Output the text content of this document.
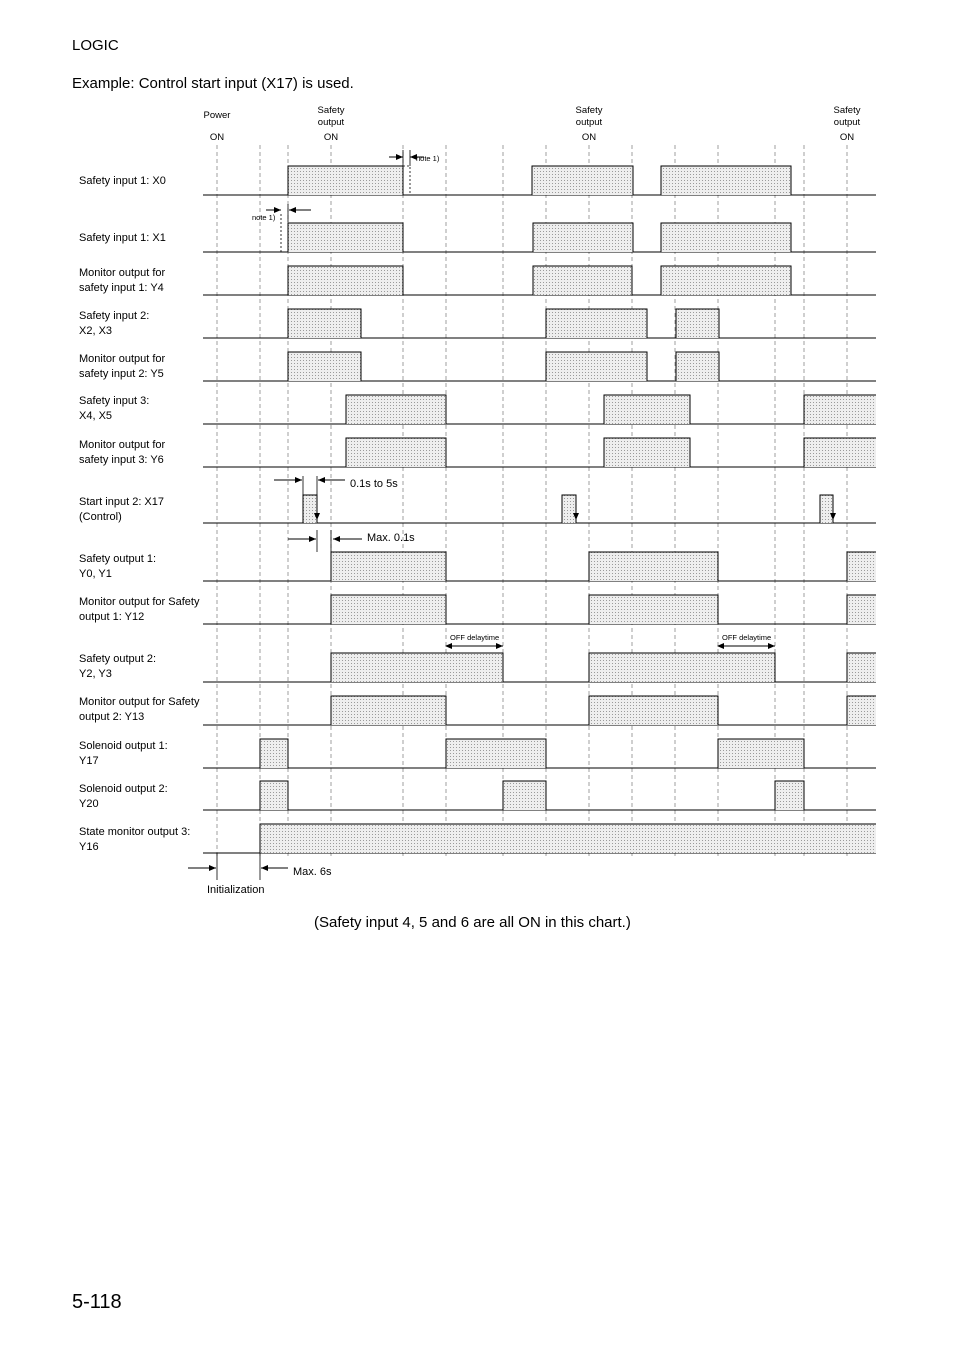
LOGIC
Example: Control start input (X17) is used.
Safety input 1: X0
Safety input 1: X1
Monitor output for
safety input 1: Y4
Safety input 2:
X2, X3
Monitor output for
safety input 2: Y5
Safety input 3:
X4, X5
Monitor output for
safety input 3: Y6
Start input 2: X17
(Control)
Safety output 1:
Y0, Y1
Monitor output for Safety
output 1: Y12
Safety output 2:
Y2, Y3
Monitor output for Safety
output 2: Y13
Solenoid output 1:
Y17
Solenoid output 2:
Y20
State monitor output 3:
Y16
Power
ON
Safety
output
ON
Safety
output
ON
Safety
output
ON
note 1)
note 1)
0.1s to 5s
Max. 0.1s
OFF delaytime	OFF delaytime
Max. 6s
Initialization
(Safety input 4, 5 and 6 are all ON in this chart.)
5-118
